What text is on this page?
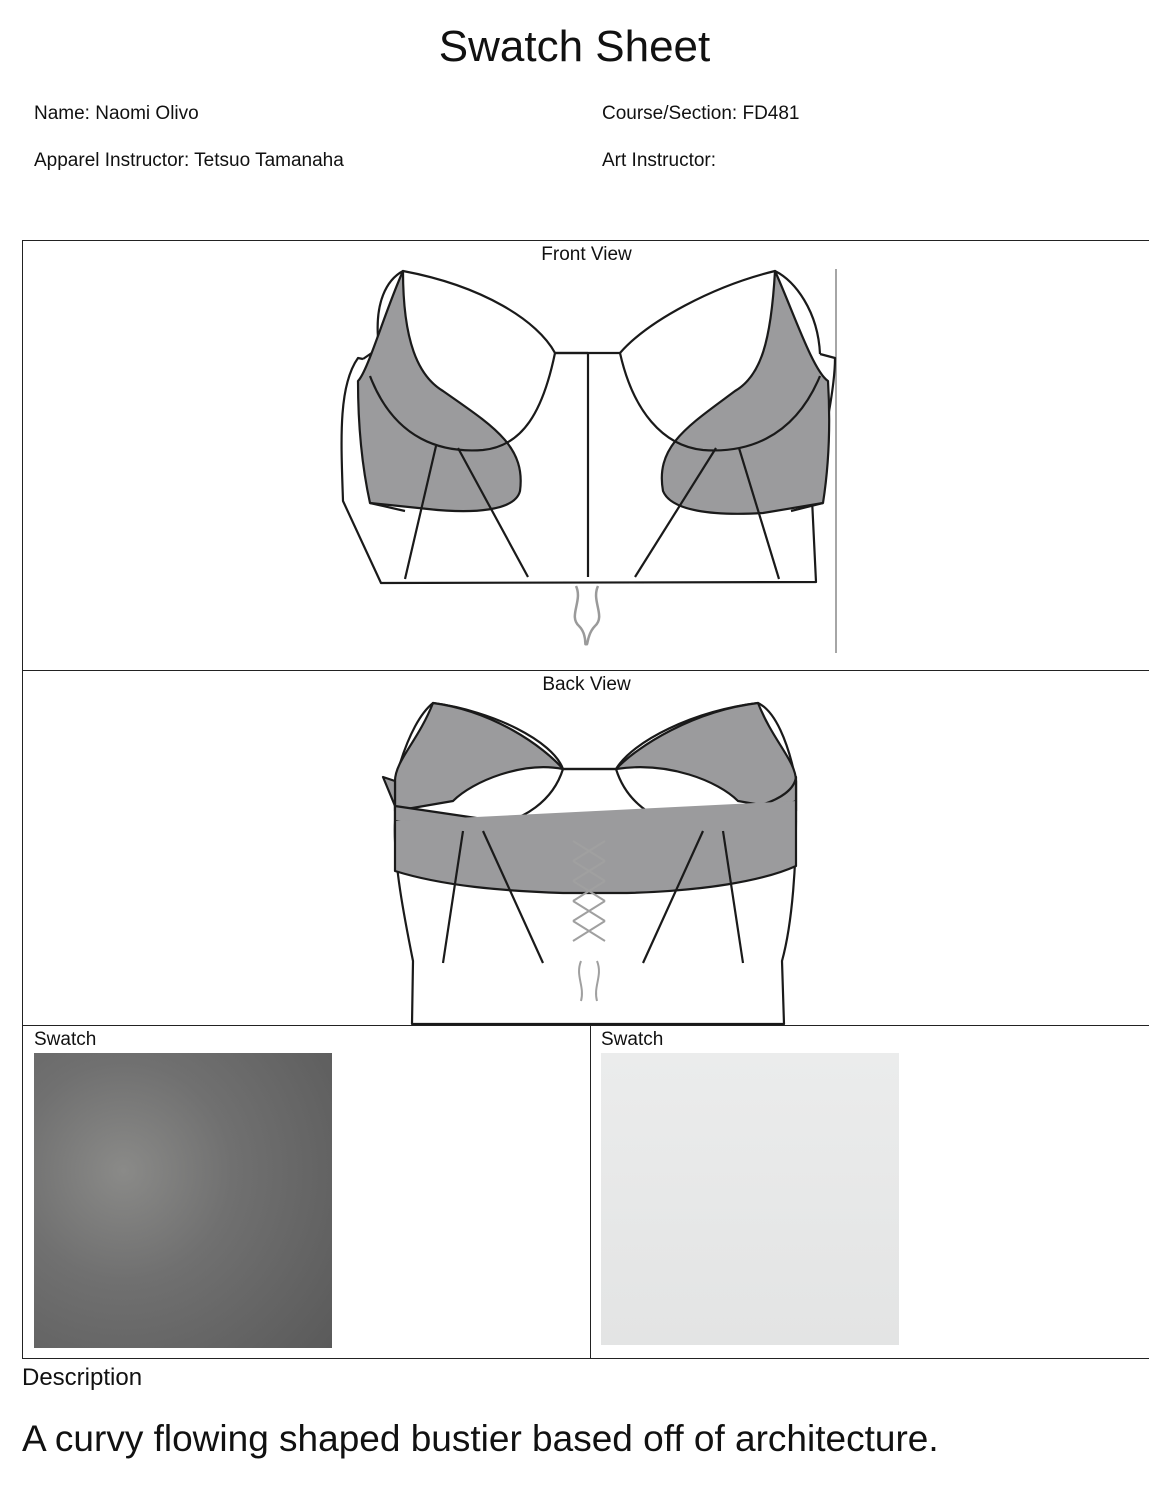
Swatch Sheet
Name: Naomi Olivo	Course/Section: FD481
Apparel Instructor: Tetsuo Tamanaha	Art Instructor:
Front View
Back View
Swatch	Swatch
Description
A curvy flowing shaped bustier based off of architecture.
